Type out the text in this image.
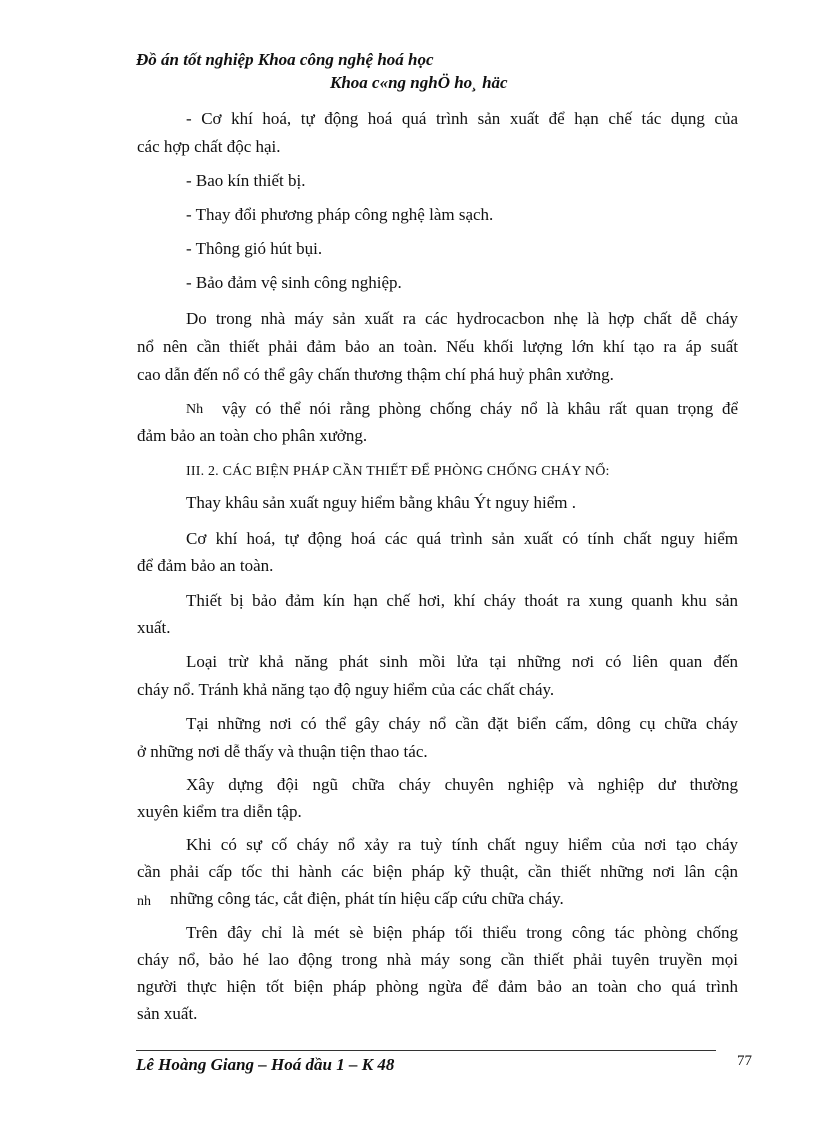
Đồ án tốt nghiệp Khoa công nghệ hoá học
Khoa c«ng nghÖ ho¸ häc
- Cơ khí hoá, tự động hoá quá trình sản xuất để hạn chế tác dụng của
các hợp chất độc hại.
- Bao kín thiết bị.
- Thay đổi phương pháp công nghệ làm sạch.
- Thông gió hút bụi.
- Bảo đảm vệ sinh công nghiệp.
Do trong nhà máy sản xuất ra các hydrocacbon nhẹ là hợp chất dễ cháy
nổ nên cần thiết phải đảm bảo an toàn. Nếu khối lượng lớn khí tạo ra áp suất
cao dẫn đến nổ có thể gây chấn thương thậm chí phá huỷ phân xưởng.
Nh vậy có thể nói rằng phòng chống cháy nổ là khâu rất quan trọng để
đảm bảo an toàn cho phân xưởng.
III. 2. CÁC BIỆN PHÁP CẦN THIẾT ĐỂ PHÒNG CHỐNG CHÁY NỔ:
Thay khâu sản xuất nguy hiểm bằng khâu Ýt nguy hiểm .
Cơ khí hoá, tự động hoá các quá trình sản xuất có tính chất nguy hiểm
để đảm bảo an toàn.
Thiết bị bảo đảm kín hạn chế hơi, khí cháy thoát ra xung quanh khu sản
xuất.
Loại trừ khả năng phát sinh mồi lửa tại những nơi có liên quan đến
cháy nổ. Tránh khả năng tạo độ nguy hiểm của các chất cháy.
Tại những nơi có thể gây cháy nổ cần đặt biển cấm, dông cụ chữa cháy
ở những nơi dễ thấy và thuận tiện thao tác.
Xây dựng đội ngũ chữa cháy chuyên nghiệp và nghiệp dư thường
xuyên kiểm tra diễn tập.
Khi có sự cố cháy nổ xảy ra tuỳ tính chất nguy hiểm của nơi tạo cháy
cần phải cấp tốc thi hành các biện pháp kỹ thuật, cần thiết những nơi lân cận
nh những công tác, cắt điện, phát tín hiệu cấp cứu chữa cháy.
Trên đây chỉ là mét sè biện pháp tối thiểu trong công tác phòng chống
cháy nổ, bảo hé lao động trong nhà máy song cần thiết phải tuyên truyền mọi
người thực hiện tốt biện pháp phòng ngừa để đảm bảo an toàn cho quá trình
sản xuất.
Lê Hoàng Giang – Hoá dầu 1 – K 48	77
